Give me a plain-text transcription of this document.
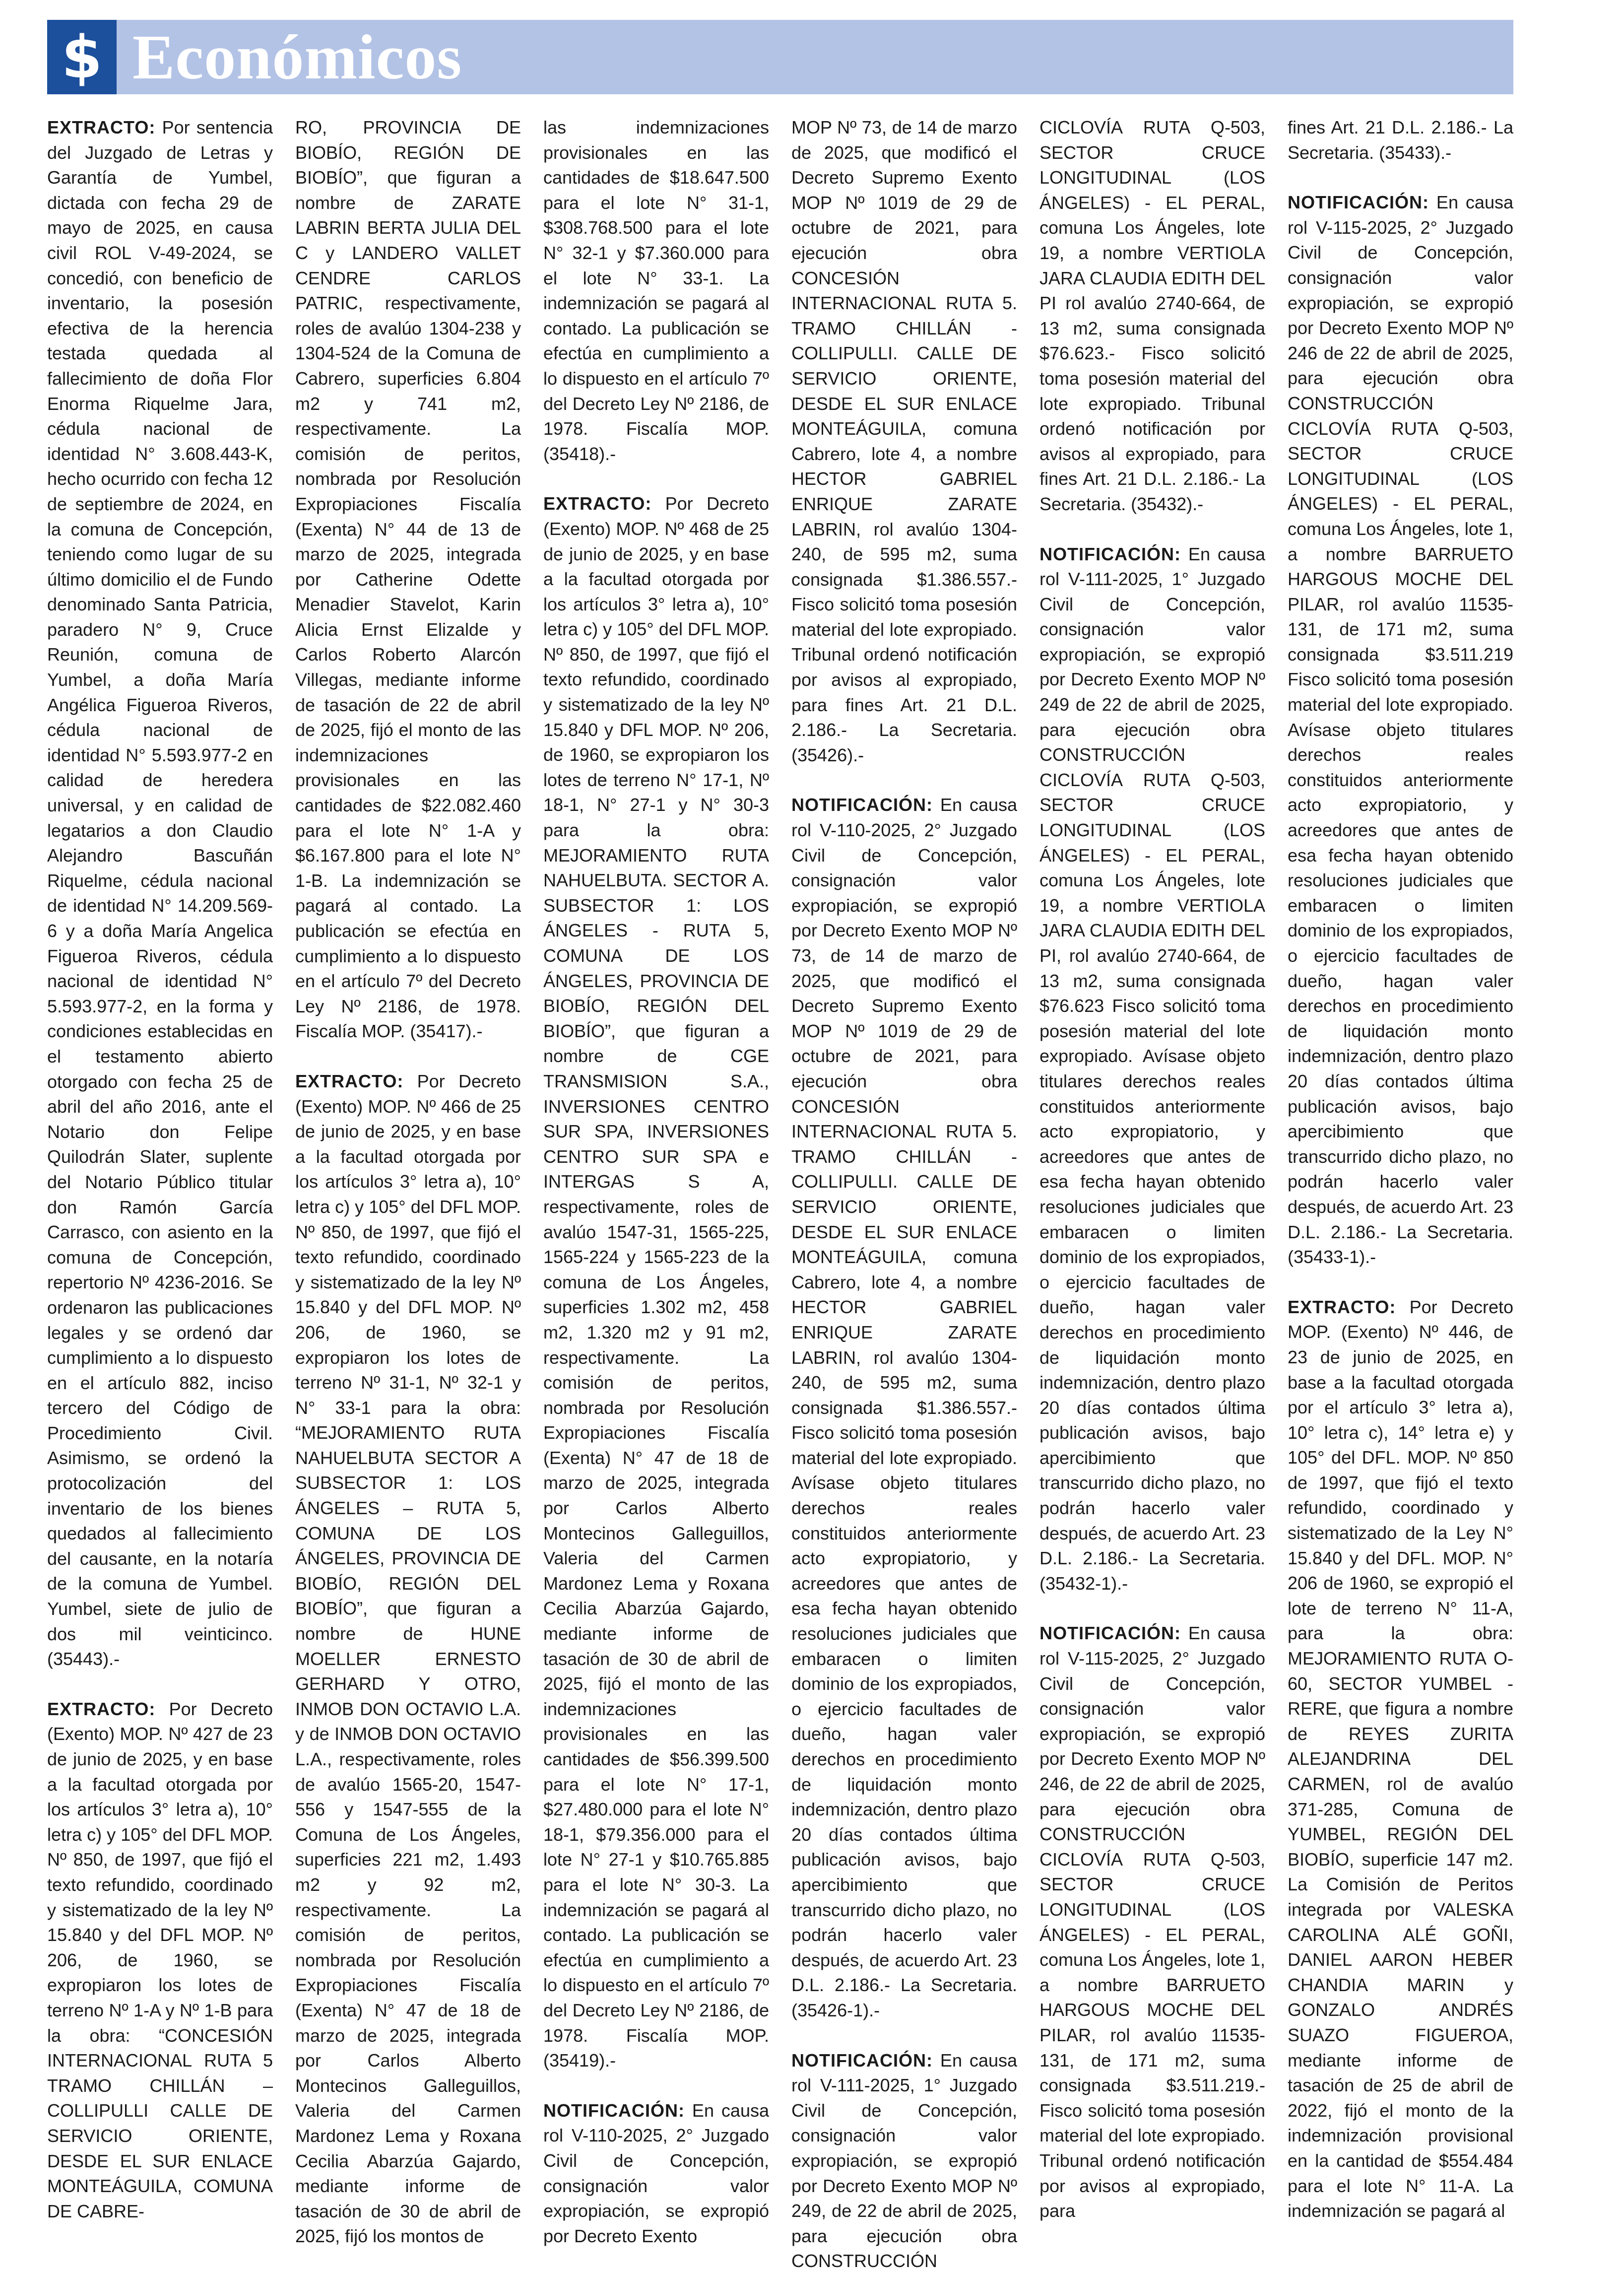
$ Económicos

EXTRACTO: Por sentencia del Juzgado de Letras y Garantía de Yumbel, dictada con fecha 29 de mayo de 2025, en causa civil ROL V-49-2024, se concedió, con beneficio de inventario, la posesión efectiva de la herencia testada quedada al fallecimiento de doña Flor Enorma Riquelme Jara, cédula nacional de identidad N° 3.608.443-K, hecho ocurrido con fecha 12 de septiembre de 2024, en la comuna de Concepción, teniendo como lugar de su último domicilio el de Fundo denominado Santa Patricia, paradero N° 9, Cruce Reunión, comuna de Yumbel, a doña María Angélica Figueroa Riveros, cédula nacional de identidad N° 5.593.977-2 en calidad de heredera universal, y en calidad de legatarios a don Claudio Alejandro Bascuñán Riquelme, cédula nacional de identidad N° 14.209.569-6 y a doña María Angelica Figueroa Riveros, cédula nacional de identidad N° 5.593.977-2, en la forma y condiciones establecidas en el testamento abierto otorgado con fecha 25 de abril del año 2016, ante el Notario don Felipe Quilodrán Slater, suplente del Notario Público titular don Ramón García Carrasco, con asiento en la comuna de Concepción, repertorio Nº 4236-2016. Se ordenaron las publicaciones legales y se ordenó dar cumplimiento a lo dispuesto en el artículo 882, inciso tercero del Código de Procedimiento Civil. Asimismo, se ordenó la protocolización del inventario de los bienes quedados al fallecimiento del causante, en la notaría de la comuna de Yumbel. Yumbel, siete de julio de dos mil veinticinco. (35443).-

EXTRACTO: Por Decreto (Exento) MOP. Nº 427 de 23 de junio de 2025, y en base a la facultad otorgada por los artículos 3° letra a), 10° letra c) y 105° del DFL MOP. Nº 850, de 1997, que fijó el texto refundido, coordinado y sistematizado de la ley Nº 15.840 y del DFL MOP. Nº 206, de 1960, se expropiaron los lotes de terreno Nº 1-A y Nº 1-B para la obra: “CONCESIÓN INTERNACIONAL RUTA 5 TRAMO CHILLÁN – COLLIPULLI CALLE DE SERVICIO ORIENTE, DESDE EL SUR ENLACE MONTEÁGUILA, COMUNA DE CABRE-

RO, PROVINCIA DE BIOBÍO, REGIÓN DE BIOBÍO”, que figuran a nombre de ZARATE LABRIN BERTA JULIA DEL C y LANDERO VALLET CENDRE CARLOS PATRIC, respectivamente, roles de avalúo 1304-238 y 1304-524 de la Comuna de Cabrero, superficies 6.804 m2 y 741 m2, respectivamente. La comisión de peritos, nombrada por Resolución Expropiaciones Fiscalía (Exenta) N° 44 de 13 de marzo de 2025, integrada por Catherine Odette Menadier Stavelot, Karin Alicia Ernst Elizalde y Carlos Roberto Alarcón Villegas, mediante informe de tasación de 22 de abril de 2025, fijó el monto de las indemnizaciones provisionales en las cantidades de $22.082.460 para el lote N° 1-A y $6.167.800 para el lote N° 1-B. La indemnización se pagará al contado. La publicación se efectúa en cumplimiento a lo dispuesto en el artículo 7º del Decreto Ley Nº 2186, de 1978. Fiscalía MOP. (35417).-

EXTRACTO: Por Decreto (Exento) MOP. Nº 466 de 25 de junio de 2025, y en base a la facultad otorgada por los artículos 3° letra a), 10° letra c) y 105° del DFL MOP. Nº 850, de 1997, que fijó el texto refundido, coordinado y sistematizado de la ley Nº 15.840 y del DFL MOP. Nº 206, de 1960, se expropiaron los lotes de terreno Nº 31-1, Nº 32-1 y N° 33-1 para la obra: “MEJORAMIENTO RUTA NAHUELBUTA SECTOR A SUBSECTOR 1: LOS ÁNGELES – RUTA 5, COMUNA DE LOS ÁNGELES, PROVINCIA DE BIOBÍO, REGIÓN DEL BIOBÍO”, que figuran a nombre de HUNE MOELLER ERNESTO GERHARD Y OTRO, INMOB DON OCTAVIO L.A. y de INMOB DON OCTAVIO L.A., respectivamente, roles de avalúo 1565-20, 1547-556 y 1547-555 de la Comuna de Los Ángeles, superficies 221 m2, 1.493 m2 y 92 m2, respectivamente. La comisión de peritos, nombrada por Resolución Expropiaciones Fiscalía (Exenta) N° 47 de 18 de marzo de 2025, integrada por Carlos Alberto Montecinos Galleguillos, Valeria del Carmen Mardonez Lema y Roxana Cecilia Abarzúa Gajardo, mediante informe de tasación de 30 de abril de 2025, fijó los montos de

las indemnizaciones provisionales en las cantidades de $18.647.500 para el lote N° 31-1, $308.768.500 para el lote N° 32-1 y $7.360.000 para el lote N° 33-1. La indemnización se pagará al contado. La publicación se efectúa en cumplimiento a lo dispuesto en el artículo 7º del Decreto Ley Nº 2186, de 1978. Fiscalía MOP. (35418).-

EXTRACTO: Por Decreto (Exento) MOP. Nº 468 de 25 de junio de 2025, y en base a la facultad otorgada por los artículos 3° letra a), 10° letra c) y 105° del DFL MOP. Nº 850, de 1997, que fijó el texto refundido, coordinado y sistematizado de la ley Nº 15.840 y DFL MOP. Nº 206, de 1960, se expropiaron los lotes de terreno N° 17-1, Nº 18-1, N° 27-1 y N° 30-3 para la obra: MEJORAMIENTO RUTA NAHUELBUTA. SECTOR A. SUBSECTOR 1: LOS ÁNGELES - RUTA 5, COMUNA DE LOS ÁNGELES, PROVINCIA DE BIOBÍO, REGIÓN DEL BIOBÍO”, que figuran a nombre de CGE TRANSMISION S.A., INVERSIONES CENTRO SUR SPA, INVERSIONES CENTRO SUR SPA e INTERGAS S A, respectivamente, roles de avalúo 1547-31, 1565-225, 1565-224 y 1565-223 de la comuna de Los Ángeles, superficies 1.302 m2, 458 m2, 1.320 m2 y 91 m2, respectivamente. La comisión de peritos, nombrada por Resolución Expropiaciones Fiscalía (Exenta) N° 47 de 18 de marzo de 2025, integrada por Carlos Alberto Montecinos Galleguillos, Valeria del Carmen Mardonez Lema y Roxana Cecilia Abarzúa Gajardo, mediante informe de tasación de 30 de abril de 2025, fijó el monto de las indemnizaciones provisionales en las cantidades de $56.399.500 para el lote N° 17-1, $27.480.000 para el lote N° 18-1, $79.356.000 para el lote N° 27-1 y $10.765.885 para el lote N° 30-3. La indemnización se pagará al contado. La publicación se efectúa en cumplimiento a lo dispuesto en el artículo 7º del Decreto Ley Nº 2186, de 1978. Fiscalía MOP. (35419).-

NOTIFICACIÓN: En causa rol V-110-2025, 2° Juzgado Civil de Concepción, consignación valor expropiación, se expropió por Decreto Exento

MOP Nº 73, de 14 de marzo de 2025, que modificó el Decreto Supremo Exento MOP Nº 1019 de 29 de octubre de 2021, para ejecución obra CONCESIÓN INTERNACIONAL RUTA 5. TRAMO CHILLÁN - COLLIPULLI. CALLE DE SERVICIO ORIENTE, DESDE EL SUR ENLACE MONTEÁGUILA, comuna Cabrero, lote 4, a nombre HECTOR GABRIEL ENRIQUE ZARATE LABRIN, rol avalúo 1304-240, de 595 m2, suma consignada $1.386.557.- Fisco solicitó toma posesión material del lote expropiado. Tribunal ordenó notificación por avisos al expropiado, para fines Art. 21 D.L. 2.186.- La Secretaria. (35426).-

NOTIFICACIÓN: En causa rol V-110-2025, 2° Juzgado Civil de Concepción, consignación valor expropiación, se expropió por Decreto Exento MOP Nº 73, de 14 de marzo de 2025, que modificó el Decreto Supremo Exento MOP Nº 1019 de 29 de octubre de 2021, para ejecución obra CONCESIÓN INTERNACIONAL RUTA 5. TRAMO CHILLÁN - COLLIPULLI. CALLE DE SERVICIO ORIENTE, DESDE EL SUR ENLACE MONTEÁGUILA, comuna Cabrero, lote 4, a nombre HECTOR GABRIEL ENRIQUE ZARATE LABRIN, rol avalúo 1304-240, de 595 m2, suma consignada $1.386.557.- Fisco solicitó toma posesión material del lote expropiado. Avísase objeto titulares derechos reales constituidos anteriormente acto expropiatorio, y acreedores que antes de esa fecha hayan obtenido resoluciones judiciales que embaracen o limiten dominio de los expropiados, o ejercicio facultades de dueño, hagan valer derechos en procedimiento de liquidación monto indemnización, dentro plazo 20 días contados última publicación avisos, bajo apercibimiento que transcurrido dicho plazo, no podrán hacerlo valer después, de acuerdo Art. 23 D.L. 2.186.- La Secretaria. (35426-1).-

NOTIFICACIÓN: En causa rol V-111-2025, 1° Juzgado Civil de Concepción, consignación valor expropiación, se expropió por Decreto Exento MOP Nº 249, de 22 de abril de 2025, para ejecución obra CONSTRUCCIÓN

CICLOVÍA RUTA Q-503, SECTOR CRUCE LONGITUDINAL (LOS ÁNGELES) - EL PERAL, comuna Los Ángeles, lote 19, a nombre VERTIOLA JARA CLAUDIA EDITH DEL PI rol avalúo 2740-664, de 13 m2, suma consignada $76.623.- Fisco solicitó toma posesión material del lote expropiado. Tribunal ordenó notificación por avisos al expropiado, para fines Art. 21 D.L. 2.186.- La Secretaria. (35432).-

NOTIFICACIÓN: En causa rol V-111-2025, 1° Juzgado Civil de Concepción, consignación valor expropiación, se expropió por Decreto Exento MOP Nº 249 de 22 de abril de 2025, para ejecución obra CONSTRUCCIÓN CICLOVÍA RUTA Q-503, SECTOR CRUCE LONGITUDINAL (LOS ÁNGELES) - EL PERAL, comuna Los Ángeles, lote 19, a nombre VERTIOLA JARA CLAUDIA EDITH DEL PI, rol avalúo 2740-664, de 13 m2, suma consignada $76.623 Fisco solicitó toma posesión material del lote expropiado. Avísase objeto titulares derechos reales constituidos anteriormente acto expropiatorio, y acreedores que antes de esa fecha hayan obtenido resoluciones judiciales que embaracen o limiten dominio de los expropiados, o ejercicio facultades de dueño, hagan valer derechos en procedimiento de liquidación monto indemnización, dentro plazo 20 días contados última publicación avisos, bajo apercibimiento que transcurrido dicho plazo, no podrán hacerlo valer después, de acuerdo Art. 23 D.L. 2.186.- La Secretaria. (35432-1).-

NOTIFICACIÓN: En causa rol V-115-2025, 2° Juzgado Civil de Concepción, consignación valor expropiación, se expropió por Decreto Exento MOP Nº 246, de 22 de abril de 2025, para ejecución obra CONSTRUCCIÓN CICLOVÍA RUTA Q-503, SECTOR CRUCE LONGITUDINAL (LOS ÁNGELES) - EL PERAL, comuna Los Ángeles, lote 1, a nombre BARRUETO HARGOUS MOCHE DEL PILAR, rol avalúo 11535-131, de 171 m2, suma consignada $3.511.219.- Fisco solicitó toma posesión material del lote expropiado. Tribunal ordenó notificación por avisos al expropiado, para

fines Art. 21 D.L. 2.186.- La Secretaria. (35433).-

NOTIFICACIÓN: En causa rol V-115-2025, 2° Juzgado Civil de Concepción, consignación valor expropiación, se expropió por Decreto Exento MOP Nº 246 de 22 de abril de 2025, para ejecución obra CONSTRUCCIÓN CICLOVÍA RUTA Q-503, SECTOR CRUCE LONGITUDINAL (LOS ÁNGELES) - EL PERAL, comuna Los Ángeles, lote 1, a nombre BARRUETO HARGOUS MOCHE DEL PILAR, rol avalúo 11535-131, de 171 m2, suma consignada $3.511.219 Fisco solicitó toma posesión material del lote expropiado. Avísase objeto titulares derechos reales constituidos anteriormente acto expropiatorio, y acreedores que antes de esa fecha hayan obtenido resoluciones judiciales que embaracen o limiten dominio de los expropiados, o ejercicio facultades de dueño, hagan valer derechos en procedimiento de liquidación monto indemnización, dentro plazo 20 días contados última publicación avisos, bajo apercibimiento que transcurrido dicho plazo, no podrán hacerlo valer después, de acuerdo Art. 23 D.L. 2.186.- La Secretaria. (35433-1).-

EXTRACTO: Por Decreto MOP. (Exento) Nº 446, de 23 de junio de 2025, en base a la facultad otorgada por el artículo 3° letra a), 10° letra c), 14° letra e) y 105° del DFL. MOP. Nº 850 de 1997, que fijó el texto refundido, coordinado y sistematizado de la Ley N° 15.840 y del DFL. MOP. N° 206 de 1960, se expropió el lote de terreno N° 11-A, para la obra: MEJORAMIENTO RUTA O-60, SECTOR YUMBEL - RERE, que figura a nombre de REYES ZURITA ALEJANDRINA DEL CARMEN, rol de avalúo 371-285, Comuna de YUMBEL, REGIÓN DEL BIOBÍO, superficie 147 m2. La Comisión de Peritos integrada por VALESKA CAROLINA ALÉ GOÑI, DANIEL AARON HEBER CHANDIA MARIN y GONZALO ANDRÉS SUAZO FIGUEROA, mediante informe de tasación de 25 de abril de 2022, fijó el monto de la indemnización provisional en la cantidad de $554.484 para el lote N° 11-A. La indemnización se pagará al
